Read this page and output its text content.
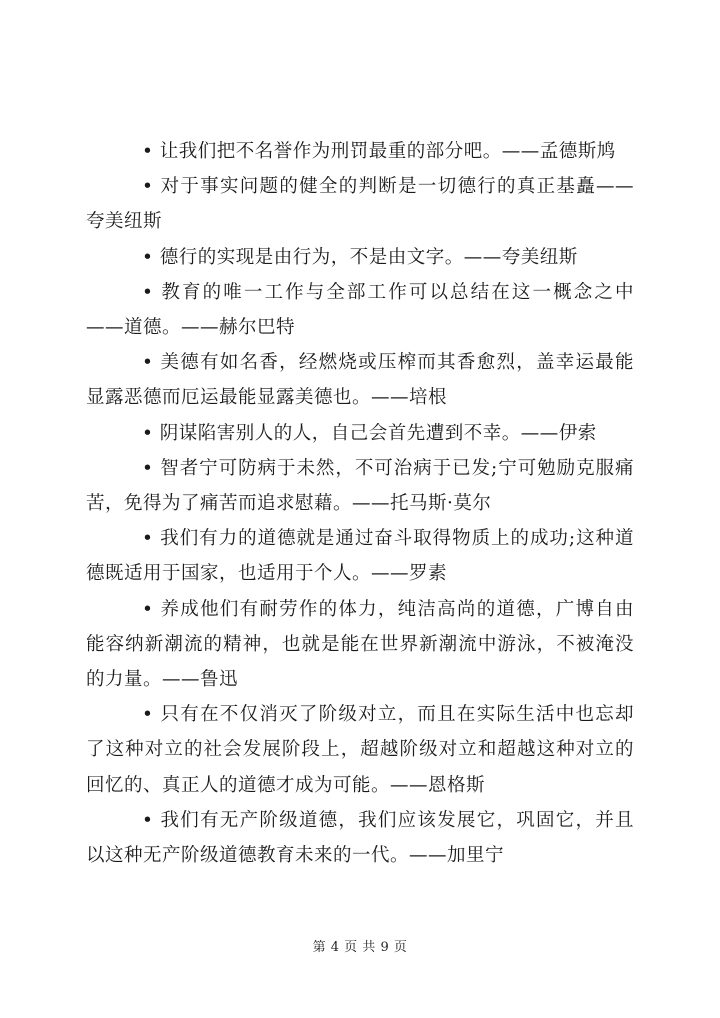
• 让我们把不名誉作为刑罚最重的部分吧。——孟德斯鸠

• 对于事实问题的健全的判断是一切德行的真正基矗——夸美纽斯

• 德行的实现是由行为，不是由文字。——夸美纽斯

• 教育的唯一工作与全部工作可以总结在这一概念之中——道德。——赫尔巴特

• 美德有如名香，经燃烧或压榨而其香愈烈，盖幸运最能显露恶德而厄运最能显露美德也。——培根

• 阴谋陷害别人的人，自己会首先遭到不幸。——伊索

• 智者宁可防病于未然，不可治病于已发;宁可勉励克服痛苦，免得为了痛苦而追求慰藉。——托马斯·莫尔

• 我们有力的道德就是通过奋斗取得物质上的成功;这种道德既适用于国家，也适用于个人。——罗素

• 养成他们有耐劳作的体力，纯洁高尚的道德，广博自由能容纳新潮流的精神，也就是能在世界新潮流中游泳，不被淹没的力量。——鲁迅

• 只有在不仅消灭了阶级对立，而且在实际生活中也忘却了这种对立的社会发展阶段上，超越阶级对立和超越这种对立的回忆的、真正人的道德才成为可能。——恩格斯

• 我们有无产阶级道德，我们应该发展它，巩固它，并且以这种无产阶级道德教育未来的一代。——加里宁

第 4 页 共 9 页
